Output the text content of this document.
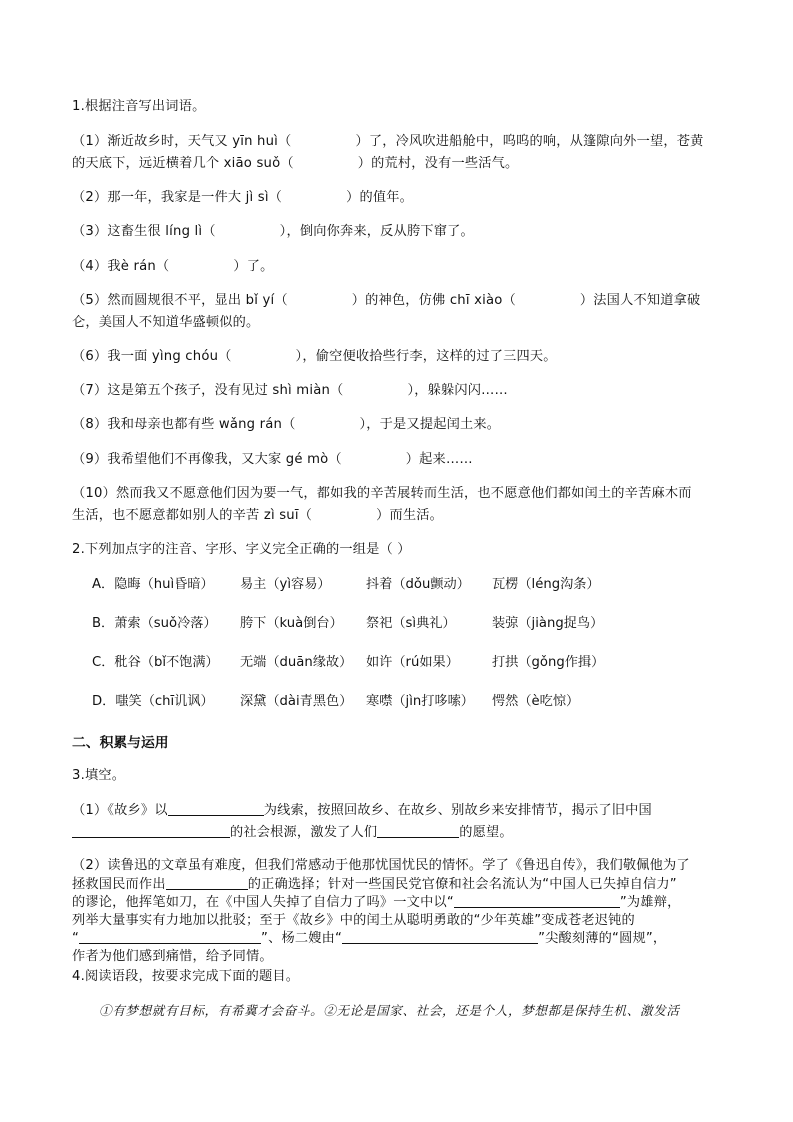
1.根据注音写出词语。
（1）渐近故乡时，天气又 yīn huì（	）了，冷风吹进船舱中，呜呜的响，从篷隙向外一望，苍黄
的天底下，远近横着几个 xiāo suǒ（	）的荒村，没有一些活气。
（2）那一年，我家是一件大 jì sì（	）的值年。
（3）这畜生很 líng lì（	），倒向你奔来，反从胯下窜了。
（4）我è rán（	）了。
（5）然而圆规很不平，显出 bǐ yí（	）的神色，仿佛 chī xiào（	）法国人不知道拿破
仑，美国人不知道华盛顿似的。
（6）我一面 yìng chóu（	），偷空便收拾些行李，这样的过了三四天。
（7）这是第五个孩子，没有见过 shì miàn（	），躲躲闪闪……
（8）我和母亲也都有些 wǎng rán（	），于是又提起闰土来。
（9）我希望他们不再像我，又大家 gé mò（	）起来……
（10）然而我又不愿意他们因为要一气，都如我的辛苦展转而生活，也不愿意他们都如闰土的辛苦麻木而
生活，也不愿意都如别人的辛苦 zì suī（	）而生活。
2.下列加点字的注音、字形、字义完全正确的一组是（ ）
A．隐晦（huì昏暗） 易主（yì容易）	抖着（dǒu颤动） 瓦楞（léng沟条）
B．萧索（suǒ冷落） 胯下（kuà倒台） 祭祀（sì典礼）	装弶（jiàng捉鸟）
C．秕谷（bǐ不饱满） 无端（duān缘故） 如许（rú如果）	打拱（gǒng作揖）
D．嗤笑（chī讥讽） 深黛（dài青黑色） 寒噤（jìn打哆嗦） 愕然（è吃惊）
二、积累与运用
3.填空。
（1）《故乡》以	为线索，按照回故乡、在故乡、别故乡来安排情节，揭示了旧中国
的社会根源，激发了人们	的愿望。
（2）读鲁迅的文章虽有难度，但我们常感动于他那忧国忧民的情怀。学了《鲁迅自传》，我们敬佩他为了
拯救国民而作出	的正确选择；针对一些国民党官僚和社会名流认为“中国人已失掉自信力”
的谬论，他挥笔如刀，在《中国人失掉了自信力了吗》一文中以“	”为雄辩，
列举大量事实有力地加以批驳；至于《故乡》中的闰土从聪明勇敢的“少年英雄”变成苍老迟钝的
“	”、杨二嫂由“	”尖酸刻薄的“圆规”，
作者为他们感到痛惜，给予同情。
4.阅读语段，按要求完成下面的题目。
①有梦想就有目标，有希冀才会奋斗。②无论是国家、社会，还是个人，梦想都是保持生机、激发活
